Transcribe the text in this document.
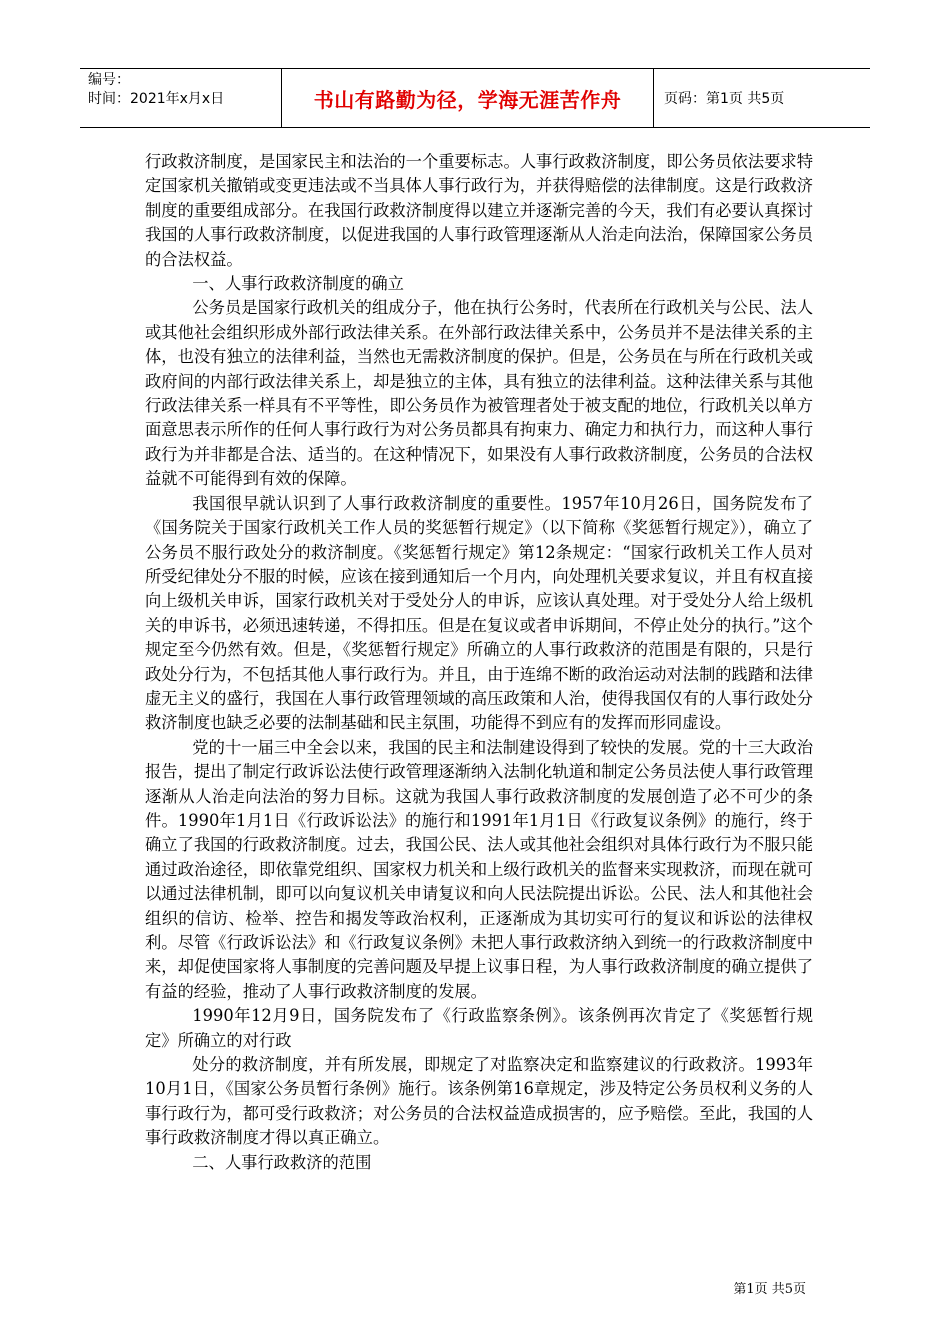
编号：
时间：2021年x月x日	书山有路勤为径，学海无涯苦作舟	页码：第1页 共5页

行政救济制度，是国家民主和法治的一个重要标志。人事行政救济制度，即公务员依法要求特定国家机关撤销或变更违法或不当具体人事行政行为，并获得赔偿的法律制度。这是行政救济制度的重要组成部分。在我国行政救济制度得以建立并逐渐完善的今天，我们有必要认真探讨我国的人事行政救济制度，以促进我国的人事行政管理逐渐从人治走向法治，保障国家公务员的合法权益。

一、人事行政救济制度的确立

公务员是国家行政机关的组成分子，他在执行公务时，代表所在行政机关与公民、法人或其他社会组织形成外部行政法律关系。在外部行政法律关系中，公务员并不是法律关系的主体，也没有独立的法律利益，当然也无需救济制度的保护。但是，公务员在与所在行政机关或政府间的内部行政法律关系上，却是独立的主体，具有独立的法律利益。这种法律关系与其他行政法律关系一样具有不平等性，即公务员作为被管理者处于被支配的地位，行政机关以单方面意思表示所作的任何人事行政行为对公务员都具有拘束力、确定力和执行力，而这种人事行政行为并非都是合法、适当的。在这种情况下，如果没有人事行政救济制度，公务员的合法权益就不可能得到有效的保障。

我国很早就认识到了人事行政救济制度的重要性。1957年10月26日，国务院发布了《国务院关于国家行政机关工作人员的奖惩暂行规定》（以下简称《奖惩暂行规定》），确立了公务员不服行政处分的救济制度。《奖惩暂行规定》第12条规定：“国家行政机关工作人员对所受纪律处分不服的时候，应该在接到通知后一个月内，向处理机关要求复议，并且有权直接向上级机关申诉，国家行政机关对于受处分人的申诉，应该认真处理。对于受处分人给上级机关的申诉书，必须迅速转递，不得扣压。但是在复议或者申诉期间，不停止处分的执行。”这个规定至今仍然有效。但是，《奖惩暂行规定》所确立的人事行政救济的范围是有限的，只是行政处分行为，不包括其他人事行政行为。并且，由于连绵不断的政治运动对法制的践踏和法律虚无主义的盛行，我国在人事行政管理领域的高压政策和人治，使得我国仅有的人事行政处分救济制度也缺乏必要的法制基础和民主氛围，功能得不到应有的发挥而形同虚设。

党的十一届三中全会以来，我国的民主和法制建设得到了较快的发展。党的十三大政治报告，提出了制定行政诉讼法使行政管理逐渐纳入法制化轨道和制定公务员法使人事行政管理逐渐从人治走向法治的努力目标。这就为我国人事行政救济制度的发展创造了必不可少的条件。1990年1月1日《行政诉讼法》的施行和1991年1月1日《行政复议条例》的施行，终于确立了我国的行政救济制度。过去，我国公民、法人或其他社会组织对具体行政行为不服只能通过政治途径，即依靠党组织、国家权力机关和上级行政机关的监督来实现救济，而现在就可以通过法律机制，即可以向复议机关申请复议和向人民法院提出诉讼。公民、法人和其他社会组织的信访、检举、控告和揭发等政治权利，正逐渐成为其切实可行的复议和诉讼的法律权利。尽管《行政诉讼法》和《行政复议条例》未把人事行政救济纳入到统一的行政救济制度中来，却促使国家将人事制度的完善问题及早提上议事日程，为人事行政救济制度的确立提供了有益的经验，推动了人事行政救济制度的发展。

1990年12月9日，国务院发布了《行政监察条例》。该条例再次肯定了《奖惩暂行规定》所确立的对行政

处分的救济制度，并有所发展，即规定了对监察决定和监察建议的行政救济。1993年10月1日，《国家公务员暂行条例》施行。该条例第16章规定，涉及特定公务员权利义务的人事行政行为，都可受行政救济；对公务员的合法权益造成损害的，应予赔偿。至此，我国的人事行政救济制度才得以真正确立。

二、人事行政救济的范围

第1页 共5页
